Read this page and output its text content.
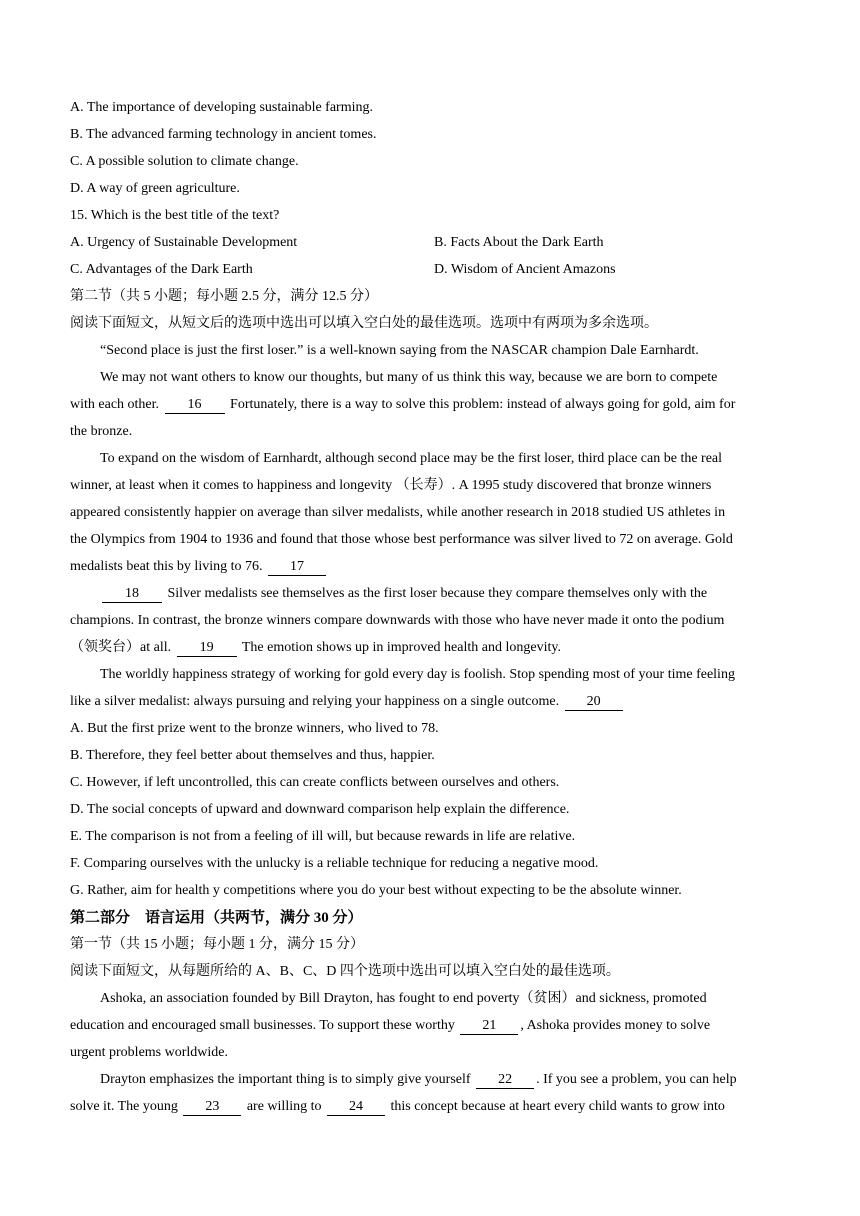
A. The importance of developing sustainable farming.
B. The advanced farming technology in ancient tomes.
C. A possible solution to climate change.
D. A way of green agriculture.
15. Which is the best title of the text?
A. Urgency of Sustainable Development	B. Facts About the Dark Earth
C. Advantages of the Dark Earth	D. Wisdom of Ancient Amazons
第二节（共 5 小题；每小题 2.5 分，满分 12.5 分）
阅读下面短文，从短文后的选项中选出可以填入空白处的最佳选项。选项中有两项为多余选项。
“Second place is just the first loser.” is a well-known saying from the NASCAR champion Dale Earnhardt.
We may not want others to know our thoughts, but many of us think this way, because we are born to compete
with each other. 16 Fortunately, there is a way to solve this problem: instead of always going for gold, aim for
the bronze.
To expand on the wisdom of Earnhardt, although second place may be the first loser, third place can be the real
winner, at least when it comes to happiness and longevity （长寿）. A 1995 study discovered that bronze winners
appeared consistently happier on average than silver medalists, while another research in 2018 studied US athletes in
the Olympics from 1904 to 1936 and found that those whose best performance was silver lived to 72 on average. Gold
medalists beat this by living to 76. 17
18 Silver medalists see themselves as the first loser because they compare themselves only with the
champions. In contrast, the bronze winners compare downwards with those who have never made it onto the podium
（领奖台）at all. 19 The emotion shows up in improved health and longevity.
The worldly happiness strategy of working for gold every day is foolish. Stop spending most of your time feeling
like a silver medalist: always pursuing and relying your happiness on a single outcome. 20
A. But the first prize went to the bronze winners, who lived to 78.
B. Therefore, they feel better about themselves and thus, happier.
C. However, if left uncontrolled, this can create conflicts between ourselves and others.
D. The social concepts of upward and downward comparison help explain the difference.
E. The comparison is not from a feeling of ill will, but because rewards in life are relative.
F. Comparing ourselves with the unlucky is a reliable technique for reducing a negative mood.
G. Rather, aim for health y competitions where you do your best without expecting to be the absolute winner.
第二部分　语言运用（共两节，满分 30 分）
第一节（共 15 小题；每小题 1 分，满分 15 分）
阅读下面短文，从每题所给的 A、B、C、D 四个选项中选出可以填入空白处的最佳选项。
Ashoka, an association founded by Bill Drayton, has fought to end poverty（贫困）and sickness, promoted
education and encouraged small businesses. To support these worthy 21 , Ashoka provides money to solve
urgent problems worldwide.
Drayton emphasizes the important thing is to simply give yourself 22 . If you see a problem, you can help
solve it. The young 23 are willing to 24 this concept because at heart every child wants to grow into
